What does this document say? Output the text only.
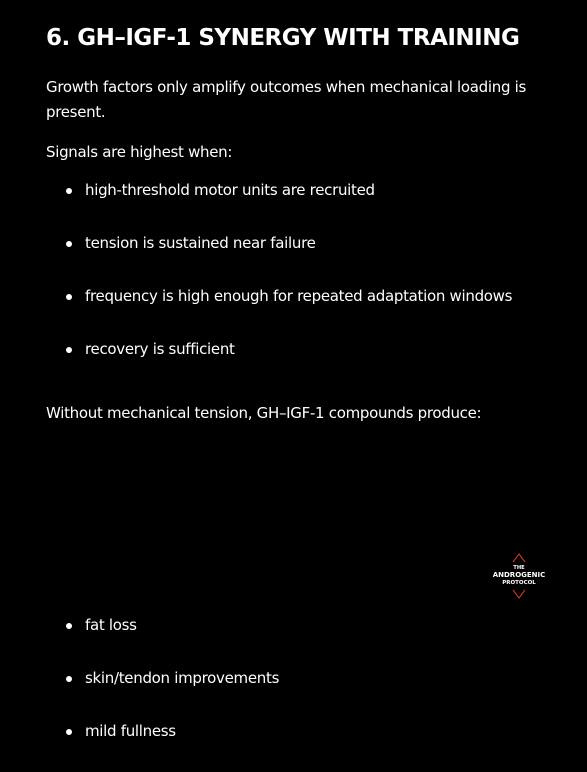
6. GH–IGF-1 SYNERGY WITH TRAINING

Growth factors only amplify outcomes when mechanical loading is present.

Signals are highest when:

high-threshold motor units are recruited
tension is sustained near failure
frequency is high enough for repeated adaptation windows
recovery is sufficient

Without mechanical tension, GH–IGF-1 compounds produce:

THE
ANDROGENIC
PROTOCOL
fat loss
skin/tendon improvements
mild fullness
